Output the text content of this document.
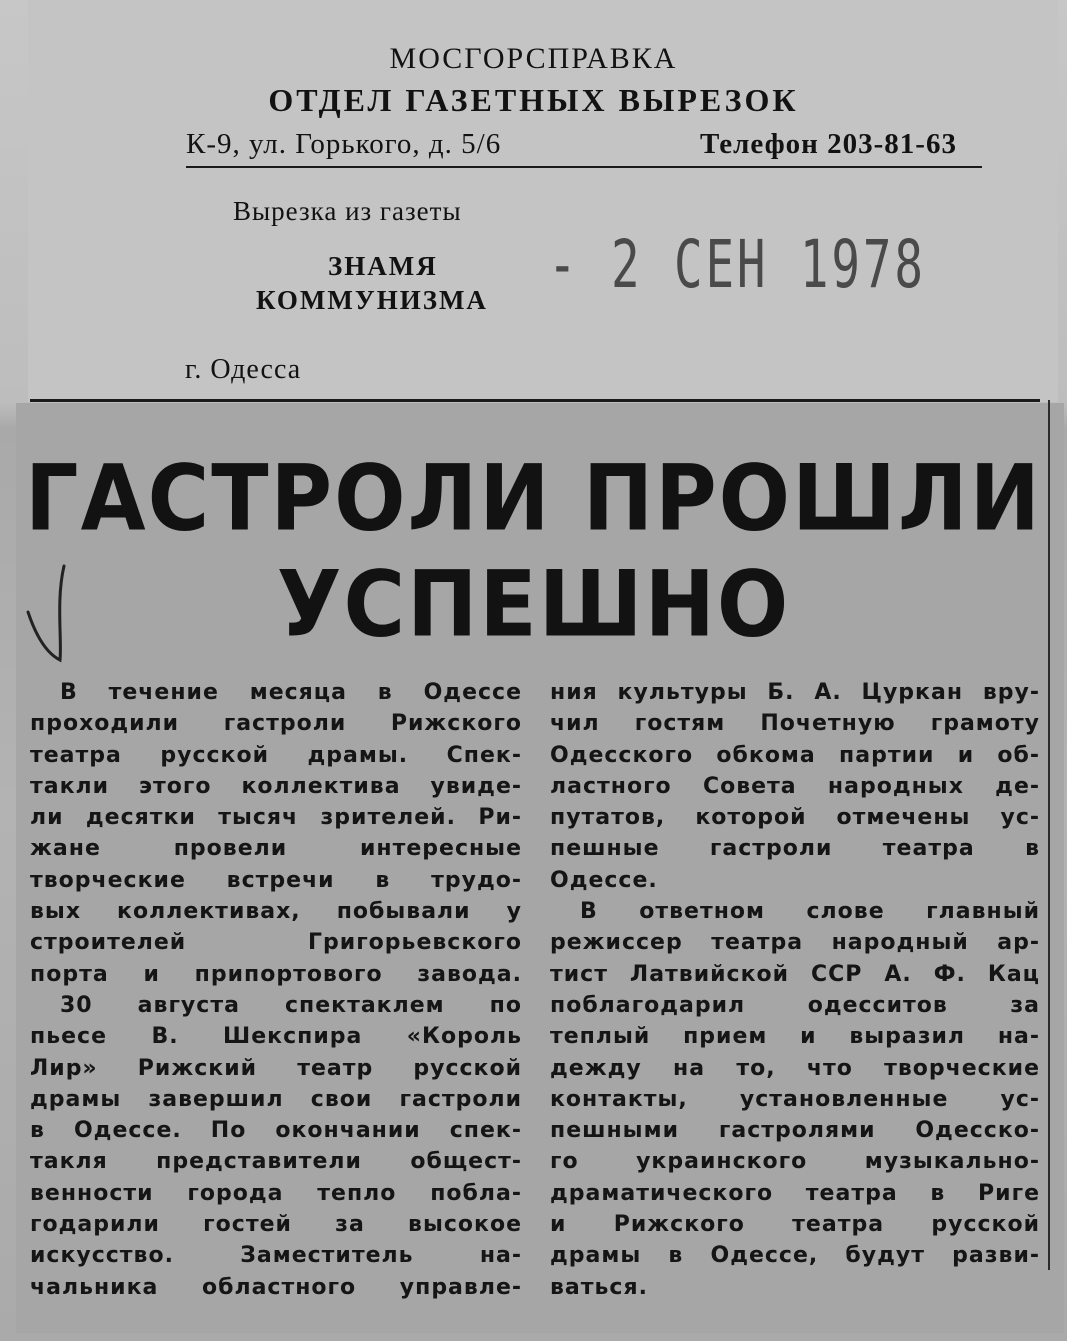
МОСГОРСПРАВКА
ОТДЕЛ ГАЗЕТНЫХ ВЫРЕЗОК
К-9, ул. Горького, д. 5/6	Телефон 203-81-63
Вырезка из газеты
ЗНАМЯ
КОММУНИЗМА - 2 СЕН 1978
г. Одесса
ГАСТРОЛИ ПРОШЛИ
УСПЕШНО
В течение месяца в Одессе
проходили гастроли Рижского
театра русской драмы. Спек-
такли этого коллектива увиде-
ли десятки тысяч зрителей. Ри-
жане провели интересные
творческие встречи в трудо-
вых коллективах, побывали у
строителей Григорьевского
порта и припортового завода.
30 августа спектаклем по
пьесе В. Шекспира «Король
Лир» Рижский театр русской
драмы завершил свои гастроли
в Одессе. По окончании спек-
такля представители общест-
венности города тепло побла-
годарили гостей за высокое
искусство. Заместитель на-
чальника областного управле-
ния культуры Б. А. Цуркан вру-
чил гостям Почетную грамоту
Одесского обкома партии и об-
ластного Совета народных де-
путатов, которой отмечены ус-
пешные гастроли театра в
Одессе.
В ответном слове главный
режиссер театра народный ар-
тист Латвийской ССР А. Ф. Кац
поблагодарил одесситов за
теплый прием и выразил на-
дежду на то, что творческие
контакты, установленные ус-
пешными гастролями Одесско-
го украинского музыкально-
драматического театра в Риге
и Рижского театра русской
драмы в Одессе, будут разви-
ваться.
